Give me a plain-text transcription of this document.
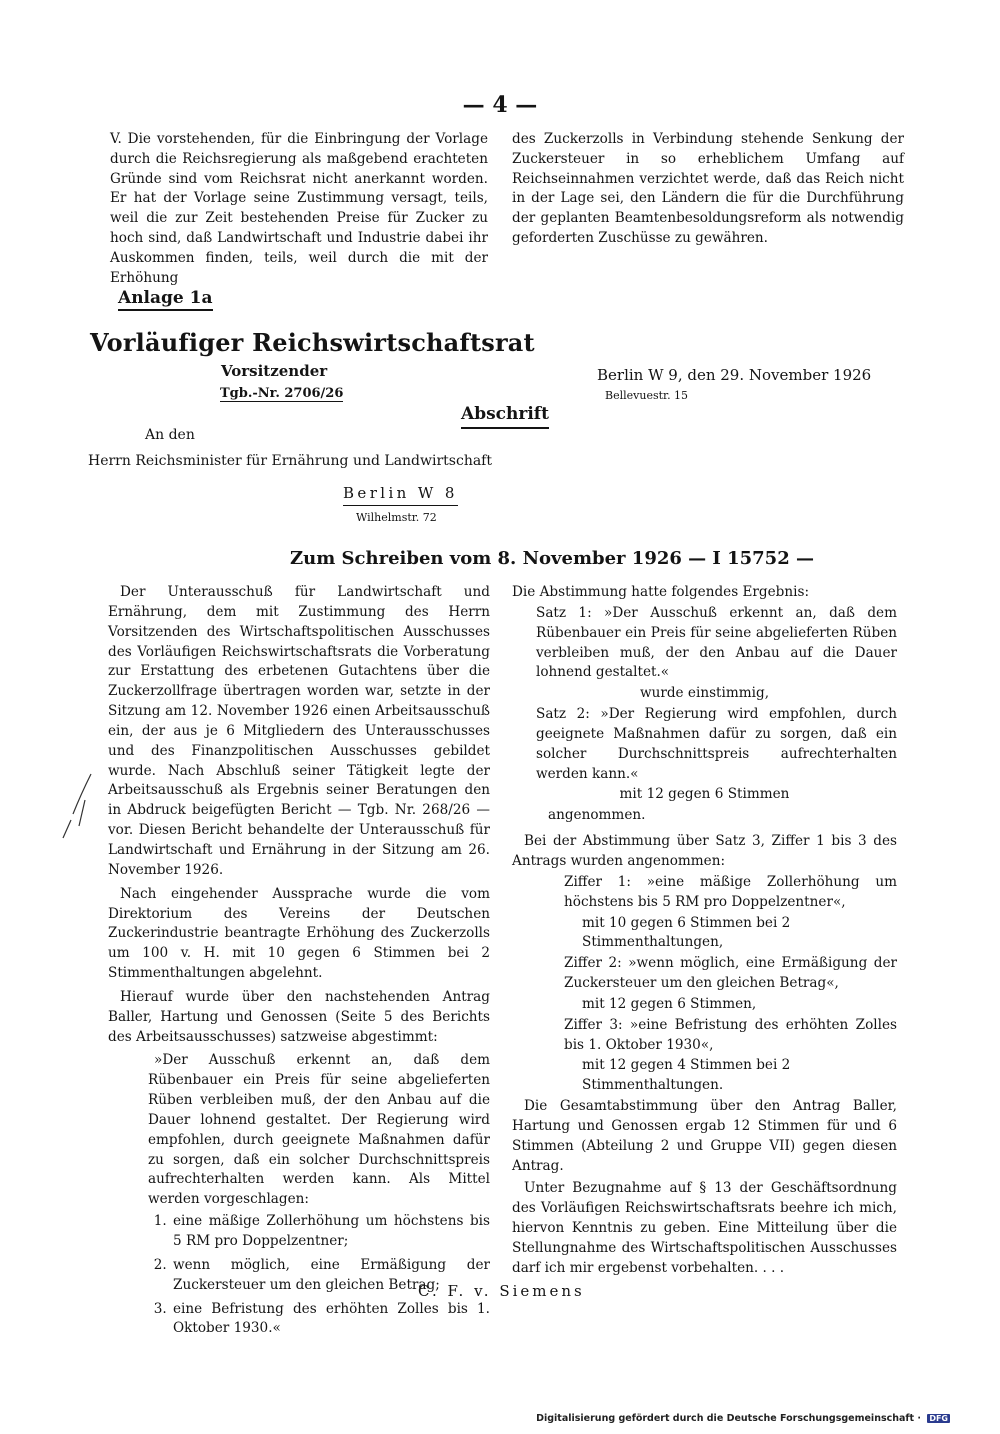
— 4 —

V. Die vorstehenden, für die Einbringung der Vorlage durch die Reichsregierung als maßgebend erachteten Gründe sind vom Reichsrat nicht anerkannt worden. Er hat der Vorlage seine Zustimmung versagt, teils, weil die zur Zeit bestehenden Preise für Zucker zu hoch sind, daß Landwirtschaft und Industrie dabei ihr Auskommen finden, teils, weil durch die mit der Erhöhung

des Zuckerzolls in Verbindung stehende Senkung der Zuckersteuer in so erheblichem Umfang auf Reichseinnahmen verzichtet werde, daß das Reich nicht in der Lage sei, den Ländern die für die Durchführung der geplanten Beamtenbesoldungsreform als notwendig geforderten Zuschüsse zu gewähren.

Anlage 1a
Vorläufiger Reichswirtschaftsrat
Vorsitzender
Tgb.-Nr. 2706/26
Berlin W 9, den 29. November 1926
Bellevuestr. 15
Abschrift
An den
Herrn Reichsminister für Ernährung und Landwirtschaft
Berlin W 8
Wilhelmstr. 72
Zum Schreiben vom 8. November 1926 — I 15752 —

Der Unterausschuß für Landwirtschaft und Ernährung, dem mit Zustimmung des Herrn Vorsitzenden des Wirtschaftspolitischen Ausschusses des Vorläufigen Reichswirtschaftsrats die Vorberatung zur Erstattung des erbetenen Gutachtens über die Zuckerzollfrage übertragen worden war, setzte in der Sitzung am 12. November 1926 einen Arbeitsausschuß ein, der aus je 6 Mitgliedern des Unterausschusses und des Finanzpolitischen Ausschusses gebildet wurde. Nach Abschluß seiner Tätigkeit legte der Arbeitsausschuß als Ergebnis seiner Beratungen den in Abdruck beigefügten Bericht — Tgb. Nr. 268/26 — vor. Diesen Bericht behandelte der Unterausschuß für Landwirtschaft und Ernährung in der Sitzung am 26. November 1926.

Nach eingehender Aussprache wurde die vom Direktorium des Vereins der Deutschen Zuckerindustrie beantragte Erhöhung des Zuckerzolls um 100 v. H. mit 10 gegen 6 Stimmen bei 2 Stimmenthaltungen abgelehnt.

Hierauf wurde über den nachstehenden Antrag Baller, Hartung und Genossen (Seite 5 des Berichts des Arbeitsausschusses) satzweise abgestimmt:

»Der Ausschuß erkennt an, daß dem Rübenbauer ein Preis für seine abgelieferten Rüben verbleiben muß, der den Anbau auf die Dauer lohnend gestaltet. Der Regierung wird empfohlen, durch geeignete Maßnahmen dafür zu sorgen, daß ein solcher Durchschnittspreis aufrechterhalten werden kann. Als Mittel werden vorgeschlagen:

1. eine mäßige Zollerhöhung um höchstens bis 5 RM pro Doppelzentner;
2. wenn möglich, eine Ermäßigung der Zuckersteuer um den gleichen Betrag;
3. eine Befristung des erhöhten Zolles bis 1. Oktober 1930.«

Die Abstimmung hatte folgendes Ergebnis:

Satz 1: »Der Ausschuß erkennt an, daß dem Rübenbauer ein Preis für seine abgelieferten Rüben verbleiben muß, der den Anbau auf die Dauer lohnend gestaltet.«

wurde einstimmig,

Satz 2: »Der Regierung wird empfohlen, durch geeignete Maßnahmen dafür zu sorgen, daß ein solcher Durchschnittspreis aufrechterhalten werden kann.«

mit 12 gegen 6 Stimmen

angenommen.

Bei der Abstimmung über Satz 3, Ziffer 1 bis 3 des Antrags wurden angenommen:

Ziffer 1: »eine mäßige Zollerhöhung um höchstens bis 5 RM pro Doppelzentner«,

mit 10 gegen 6 Stimmen bei 2 Stimmenthaltungen,

Ziffer 2: »wenn möglich, eine Ermäßigung der Zuckersteuer um den gleichen Betrag«,

mit 12 gegen 6 Stimmen,

Ziffer 3: »eine Befristung des erhöhten Zolles bis 1. Oktober 1930«,

mit 12 gegen 4 Stimmen bei 2 Stimmenthaltungen.

Die Gesamtabstimmung über den Antrag Baller, Hartung und Genossen ergab 12 Stimmen für und 6 Stimmen (Abteilung 2 und Gruppe VII) gegen diesen Antrag.

Unter Bezugnahme auf § 13 der Geschäftsordnung des Vorläufigen Reichswirtschaftsrats beehre ich mich, hiervon Kenntnis zu geben. Eine Mitteilung über die Stellungnahme des Wirtschaftspolitischen Ausschusses darf ich mir ergebenst vorbehalten. . . .

C. F. v. Siemens
Digitalisierung gefördert durch die Deutsche Forschungsgemeinschaft · DFG
